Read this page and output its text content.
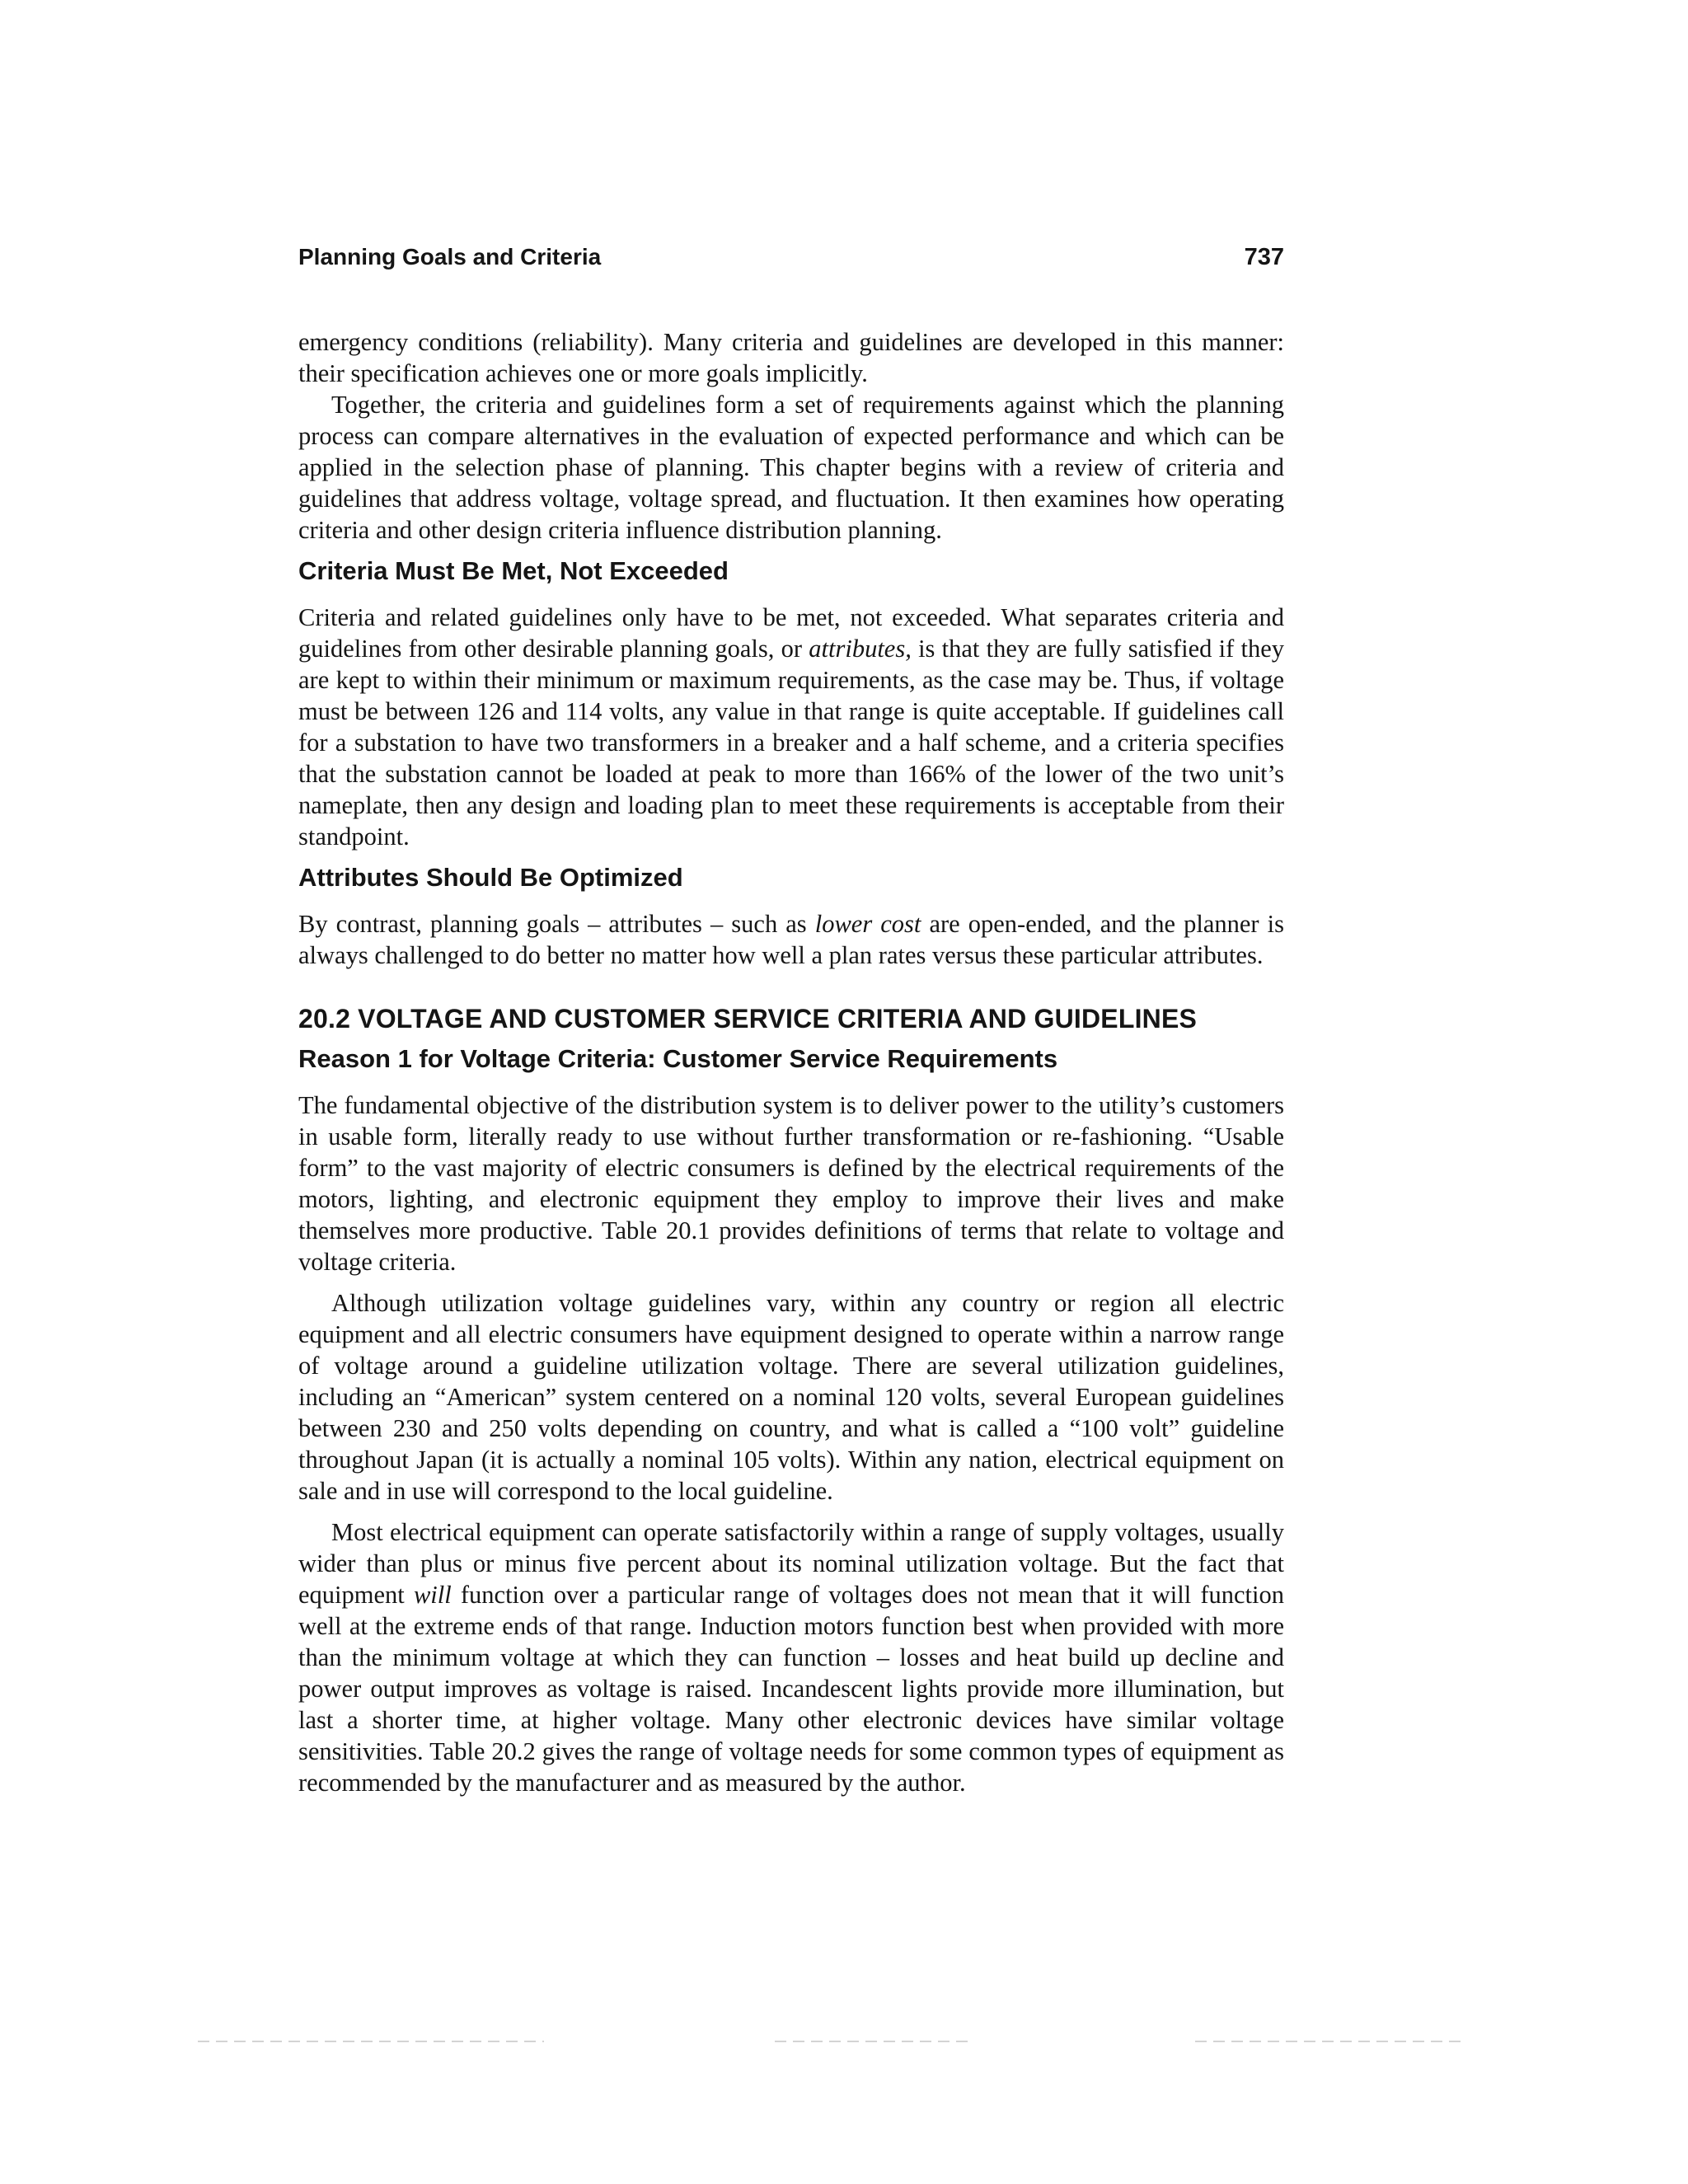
Planning Goals and Criteria	737

emergency conditions (reliability). Many criteria and guidelines are developed in this manner: their specification achieves one or more goals implicitly.

Together, the criteria and guidelines form a set of requirements against which the planning process can compare alternatives in the evaluation of expected performance and which can be applied in the selection phase of planning. This chapter begins with a review of criteria and guidelines that address voltage, voltage spread, and fluctuation. It then examines how operating criteria and other design criteria influence distribution planning.

Criteria Must Be Met, Not Exceeded

Criteria and related guidelines only have to be met, not exceeded. What separates criteria and guidelines from other desirable planning goals, or attributes, is that they are fully satisfied if they are kept to within their minimum or maximum requirements, as the case may be. Thus, if voltage must be between 126 and 114 volts, any value in that range is quite acceptable. If guidelines call for a substation to have two transformers in a breaker and a half scheme, and a criteria specifies that the substation cannot be loaded at peak to more than 166% of the lower of the two unit’s nameplate, then any design and loading plan to meet these requirements is acceptable from their standpoint.

Attributes Should Be Optimized

By contrast, planning goals – attributes – such as lower cost are open-ended, and the planner is always challenged to do better no matter how well a plan rates versus these particular attributes.

20.2 VOLTAGE AND CUSTOMER SERVICE CRITERIA AND GUIDELINES
Reason 1 for Voltage Criteria: Customer Service Requirements

The fundamental objective of the distribution system is to deliver power to the utility’s customers in usable form, literally ready to use without further transformation or re-fashioning. “Usable form” to the vast majority of electric consumers is defined by the electrical requirements of the motors, lighting, and electronic equipment they employ to improve their lives and make themselves more productive. Table 20.1 provides definitions of terms that relate to voltage and voltage criteria.

Although utilization voltage guidelines vary, within any country or region all electric equipment and all electric consumers have equipment designed to operate within a narrow range of voltage around a guideline utilization voltage. There are several utilization guidelines, including an “American” system centered on a nominal 120 volts, several European guidelines between 230 and 250 volts depending on country, and what is called a “100 volt” guideline throughout Japan (it is actually a nominal 105 volts). Within any nation, electrical equipment on sale and in use will correspond to the local guideline.

Most electrical equipment can operate satisfactorily within a range of supply voltages, usually wider than plus or minus five percent about its nominal utilization voltage. But the fact that equipment will function over a particular range of voltages does not mean that it will function well at the extreme ends of that range. Induction motors function best when provided with more than the minimum voltage at which they can function – losses and heat build up decline and power output improves as voltage is raised. Incandescent lights provide more illumination, but last a shorter time, at higher voltage. Many other electronic devices have similar voltage sensitivities. Table 20.2 gives the range of voltage needs for some common types of equipment as recommended by the manufacturer and as measured by the author.
